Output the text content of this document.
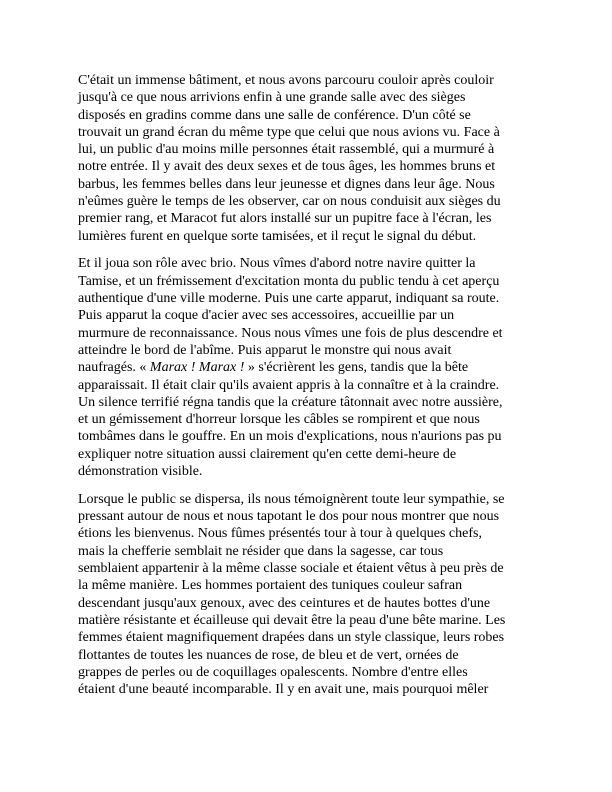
C'était un immense bâtiment, et nous avons parcouru couloir après couloir
jusqu'à ce que nous arrivions enfin à une grande salle avec des sièges
disposés en gradins comme dans une salle de conférence. D'un côté se
trouvait un grand écran du même type que celui que nous avions vu. Face à
lui, un public d'au moins mille personnes était rassemblé, qui a murmuré à
notre entrée. Il y avait des deux sexes et de tous âges, les hommes bruns et
barbus, les femmes belles dans leur jeunesse et dignes dans leur âge. Nous
n'eûmes guère le temps de les observer, car on nous conduisit aux sièges du
premier rang, et Maracot fut alors installé sur un pupitre face à l'écran, les
lumières furent en quelque sorte tamisées, et il reçut le signal du début.
Et il joua son rôle avec brio. Nous vîmes d'abord notre navire quitter la
Tamise, et un frémissement d'excitation monta du public tendu à cet aperçu
authentique d'une ville moderne. Puis une carte apparut, indiquant sa route.
Puis apparut la coque d'acier avec ses accessoires, accueillie par un
murmure de reconnaissance. Nous nous vîmes une fois de plus descendre et
atteindre le bord de l'abîme. Puis apparut le monstre qui nous avait
naufragés. « Marax ! Marax ! » s'écrièrent les gens, tandis que la bête
apparaissait. Il était clair qu'ils avaient appris à la connaître et à la craindre.
Un silence terrifié régna tandis que la créature tâtonnait avec notre aussière,
et un gémissement d'horreur lorsque les câbles se rompirent et que nous
tombâmes dans le gouffre. En un mois d'explications, nous n'aurions pas pu
expliquer notre situation aussi clairement qu'en cette demi-heure de
démonstration visible.
Lorsque le public se dispersa, ils nous témoignèrent toute leur sympathie, se
pressant autour de nous et nous tapotant le dos pour nous montrer que nous
étions les bienvenus. Nous fûmes présentés tour à tour à quelques chefs,
mais la chefferie semblait ne résider que dans la sagesse, car tous
semblaient appartenir à la même classe sociale et étaient vêtus à peu près de
la même manière. Les hommes portaient des tuniques couleur safran
descendant jusqu'aux genoux, avec des ceintures et de hautes bottes d'une
matière résistante et écailleuse qui devait être la peau d'une bête marine. Les
femmes étaient magnifiquement drapées dans un style classique, leurs robes
flottantes de toutes les nuances de rose, de bleu et de vert, ornées de
grappes de perles ou de coquillages opalescents. Nombre d'entre elles
étaient d'une beauté incomparable. Il y en avait une, mais pourquoi mêler
